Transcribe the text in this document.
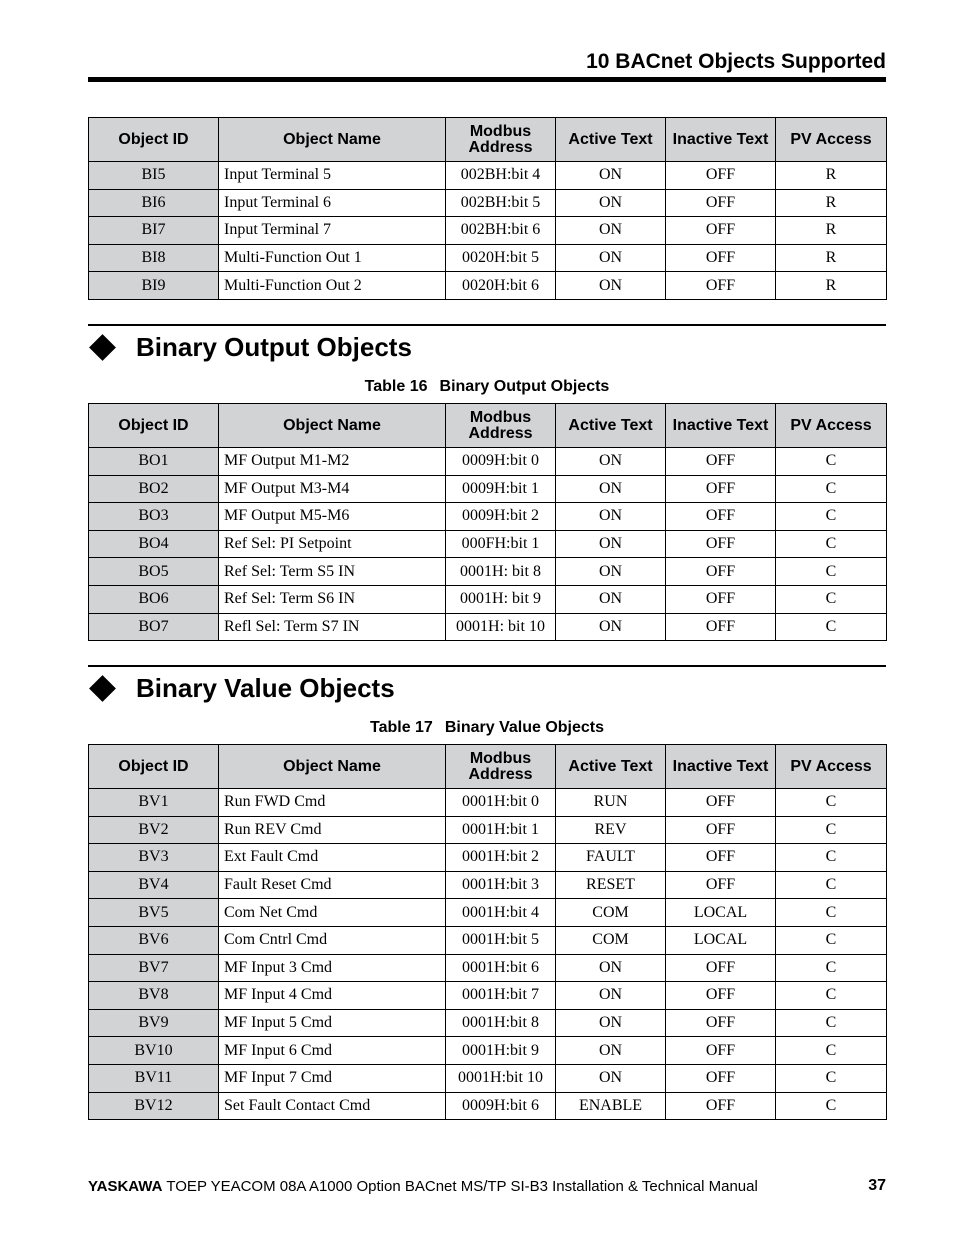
10 BACnet Objects Supported
Object ID	Object Name	Modbus Address	Active Text	Inactive Text	PV Access
BI5	Input Terminal 5	002BH:bit 4	ON	OFF	R
BI6	Input Terminal 6	002BH:bit 5	ON	OFF	R
BI7	Input Terminal 7	002BH:bit 6	ON	OFF	R
BI8	Multi-Function Out 1	0020H:bit 5	ON	OFF	R
BI9	Multi-Function Out 2	0020H:bit 6	ON	OFF	R
Binary Output Objects
Table 16 Binary Output Objects
Object ID	Object Name	Modbus Address	Active Text	Inactive Text	PV Access
BO1	MF Output M1-M2	0009H:bit 0	ON	OFF	C
BO2	MF Output M3-M4	0009H:bit 1	ON	OFF	C
BO3	MF Output M5-M6	0009H:bit 2	ON	OFF	C
BO4	Ref Sel: PI Setpoint	000FH:bit 1	ON	OFF	C
BO5	Ref Sel: Term S5 IN	0001H: bit 8	ON	OFF	C
BO6	Ref Sel: Term S6 IN	0001H: bit 9	ON	OFF	C
BO7	Refl Sel: Term S7 IN	0001H: bit 10	ON	OFF	C
Binary Value Objects
Table 17 Binary Value Objects
Object ID	Object Name	Modbus Address	Active Text	Inactive Text	PV Access
BV1	Run FWD Cmd	0001H:bit 0	RUN	OFF	C
BV2	Run REV Cmd	0001H:bit 1	REV	OFF	C
BV3	Ext Fault Cmd	0001H:bit 2	FAULT	OFF	C
BV4	Fault Reset Cmd	0001H:bit 3	RESET	OFF	C
BV5	Com Net Cmd	0001H:bit 4	COM	LOCAL	C
BV6	Com Cntrl Cmd	0001H:bit 5	COM	LOCAL	C
BV7	MF Input 3 Cmd	0001H:bit 6	ON	OFF	C
BV8	MF Input 4 Cmd	0001H:bit 7	ON	OFF	C
BV9	MF Input 5 Cmd	0001H:bit 8	ON	OFF	C
BV10	MF Input 6 Cmd	0001H:bit 9	ON	OFF	C
BV11	MF Input 7 Cmd	0001H:bit 10	ON	OFF	C
BV12	Set Fault Contact Cmd	0009H:bit 6	ENABLE	OFF	C
YASKAWA TOEP YEACOM 08A A1000 Option BACnet MS/TP SI-B3 Installation & Technical Manual	37
